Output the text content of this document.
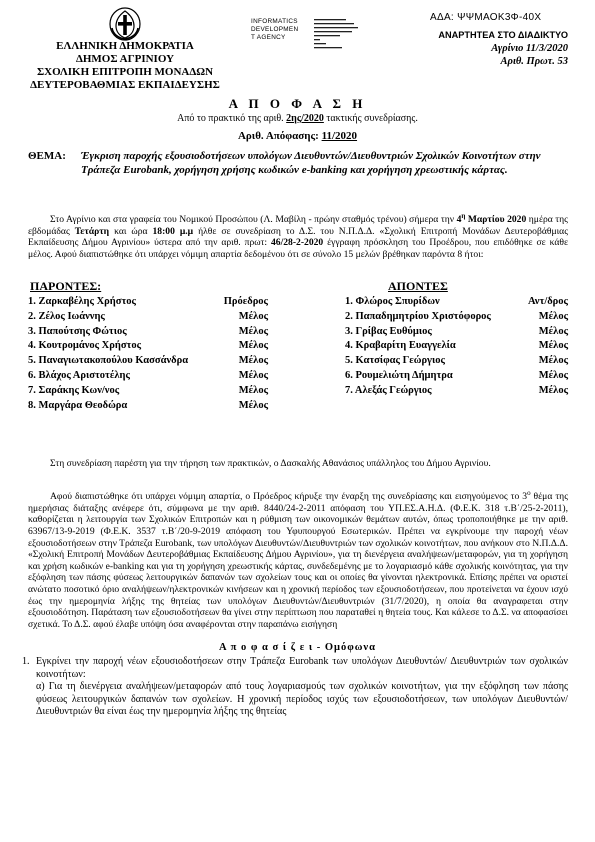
ΕΛΛΗΝΙΚΗ ΔΗΜΟΚΡΑΤΙΑ
ΔΗΜΟΣ ΑΓΡΙΝΙΟΥ
ΣΧΟΛΙΚΗ ΕΠΙΤΡΟΠΗ ΜΟΝΑΔΩΝ
ΔΕΥΤΕΡΟΒΑΘΜΙΑΣ ΕΚΠΑΙΔΕΥΣΗΣ
INFORMATICS
DEVELOPMEN
T AGENCY
ΑΔΑ: ΨΨΜΑΟΚ3Φ-40Χ
ΑΝΑΡΤΗΤΕΑ ΣΤΟ ΔΙΑΔΙΚΤΥΟ
Αγρίνιο 11/3/2020
Αριθ. Πρωτ. 53
Α Π Ο Φ Α Σ Η
Από το πρακτικό της αριθ. 2ης/2020 τακτικής συνεδρίασης.
Αριθ. Απόφασης: 11/2020
ΘΕΜΑ: Έγκριση παροχής εξουσιοδοτήσεων υπολόγων Διευθυντών/Διευθυντριών Σχολικών Κοινοτήτων στην Τράπεζα Eurobank, χορήγηση χρήσης κωδικών e-banking και χορήγηση χρεωστικής κάρτας.
Στο Αγρίνιο και στα γραφεία του Νομικού Προσώπου (Λ. Μαβίλη - πρώην σταθμός τρένου) σήμερα την $4^\eta$ Μαρτίου 2020 ημέρα της εβδομάδας Τετάρτη και ώρα 18:00 μ.μ ήλθε σε συνεδρίαση το Δ.Σ. του Ν.Π.Δ.Δ. «Σχολική Επιτροπή Μονάδων Δευτεροβάθμιας Εκπαίδευσης Δήμου Αγρινίου» ύστερα από την αριθ. πρωτ: 46/28-2-2020 έγγραφη πρόσκληση του Προέδρου, που επιδόθηκε σε κάθε μέλος. Αφού διαπιστώθηκε ότι υπάρχει νόμιμη απαρτία δεδομένου ότι σε σύνολο 15 μελών βρέθηκαν παρόντα 8 ήτοι:
ΠΑΡΟΝΤΕΣ:	ΑΠΟΝΤΕΣ
1. Ζαρκαβέλης Χρήστος	Πρόεδρος
2. Ζέλος Ιωάννης	Μέλος
3. Παπούτσης Φώτιος	Μέλος
4. Κουτρομάνος Χρήστος	Μέλος
5. Παναγιωτακοπούλου Κασσάνδρα	Μέλος
6. Βλάχος Αριστοτέλης	Μέλος
7. Σαράκης Κων/νος	Μέλος
8. Μαργάρα Θεοδώρα	Μέλος
1. Φλώρος Σπυρίδων	Αντ/δρος
2. Παπαδημητρίου Χριστόφορος	Μέλος
3. Γρίβας Ευθύμιος	Μέλος
4. Κραβαρίτη Ευαγγελία	Μέλος
5. Κατσίφας Γεώργιος	Μέλος
6. Ρουμελιώτη Δήμητρα	Μέλος
7. Αλεξάς Γεώργιος	Μέλος
Στη συνεδρίαση παρέστη για την τήρηση των πρακτικών, ο Δασκαλής Αθανάσιος υπάλληλος του Δήμου Αγρινίου.
Αφού διαπιστώθηκε ότι υπάρχει νόμιμη απαρτία, ο Πρόεδρος κήρυξε την έναρξη της συνεδρίασης και εισηγούμενος το $3^o$ θέμα της ημερήσιας διάταξης ανέφερε ότι, σύμφωνα με την αριθ. 8440/24-2-2011 απόφαση του ΥΠ.ΕΣ.Α.Η.Δ. (Φ.Ε.Κ. 318 τ.Β΄/25-2-2011), καθορίζεται η λειτουργία των Σχολικών Επιτροπών και η ρύθμιση των οικονομικών θεμάτων αυτών, όπως τροποποιήθηκε με την αριθ. 63967/13-9-2019 (Φ.Ε.Κ. 3537 τ.Β΄/20-9-2019 απόφαση του Υφυπουργού Εσωτερικών. Πρέπει να εγκρίνουμε την παροχή νέων εξουσιοδοτήσεων στην Τράπεζα Eurobank, των υπολόγων Διευθυντών/Διευθυντριών των σχολικών κοινοτήτων, που ανήκουν στο Ν.Π.Δ.Δ. «Σχολική Επιτροπή Μονάδων Δευτεροβάθμιας Εκπαίδευσης Δήμου Αγρινίου», για τη διενέργεια αναλήψεων/μεταφορών, για τη χορήγηση και χρήση κωδικών e-banking και για τη χορήγηση χρεωστικής κάρτας, συνδεδεμένης με το λογαριασμό κάθε σχολικής κοινότητας, για την εξόφληση των πάσης φύσεως λειτουργικών δαπανών των σχολείων τους και οι οποίες θα γίνονται ηλεκτρονικά. Επίσης πρέπει να οριστεί ανώτατο ποσοτικό όριο αναλήψεων/ηλεκτρονικών κινήσεων και η χρονική περίοδος των εξουσιοδοτήσεων, που προτείνεται να έχουν ισχύ έως την ημερομηνία λήξης της θητείας των υπολόγων Διευθυντών/Διευθυντριών (31/7/2020), η οποία θα αναγραφεται στην εξουσιοδότηση. Παράταση των εξουσιοδοτήσεων θα γίνει στην περίπτωση που παραταθεί η θητεία τους. Και κάλεσε το Δ.Σ. να αποφασίσει σχετικά. Το Δ.Σ. αφού έλαβε υπόψη όσα αναφέρονται στην παραπάνω εισήγηση
Α π ο φ α σ ί ζ ε ι - Ομόφωνα
1. Εγκρίνει την παροχή νέων εξουσιοδοτήσεων στην Τράπεζα Eurobank των υπολόγων Διευθυντών/ Διευθυντριών των σχολικών κοινοτήτων:
α) Για τη διενέργεια αναλήψεων/μεταφορών από τους λογαριασμούς των σχολικών κοινοτήτων, για την εξόφληση των πάσης φύσεως λειτουργικών δαπανών των σχολείων. Η χρονική περίοδος ισχύς των εξουσιοδοτήσεων, των υπολόγων Διευθυντών/Διευθυντριών θα είναι έως την ημερομηνία λήξης της θητείας
